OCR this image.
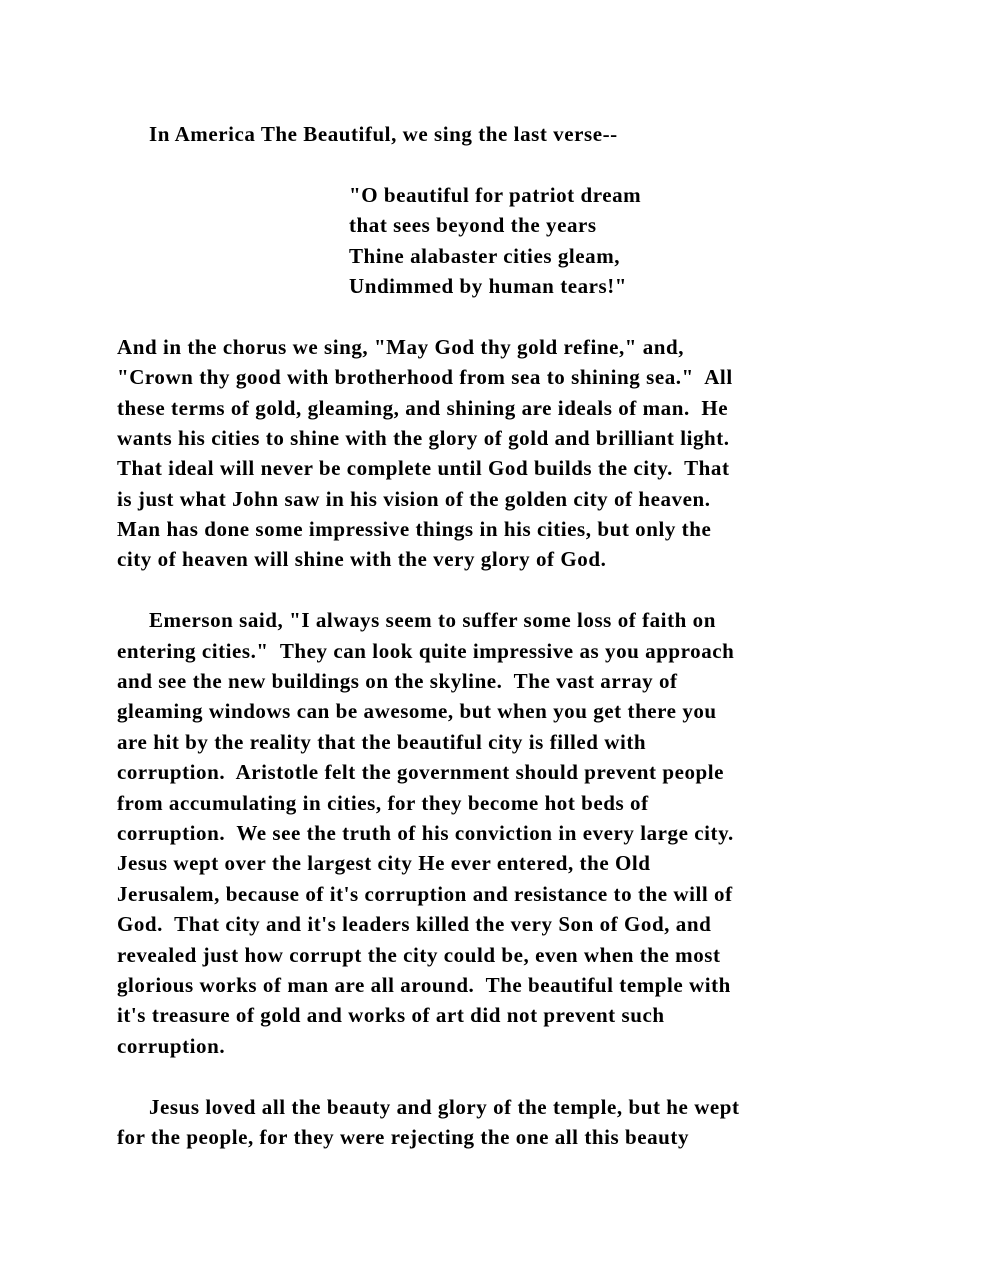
In America The Beautiful, we sing the last verse--
"O beautiful for patriot dream
that sees beyond the years
Thine alabaster cities gleam,
Undimmed by human tears!"
And in the chorus we sing, "May God thy gold refine," and,
"Crown thy good with brotherhood from sea to shining sea."  All
these terms of gold, gleaming, and shining are ideals of man.  He
wants his cities to shine with the glory of gold and brilliant light.
That ideal will never be complete until God builds the city.  That
is just what John saw in his vision of the golden city of heaven.
Man has done some impressive things in his cities, but only the
city of heaven will shine with the very glory of God.
Emerson said, "I always seem to suffer some loss of faith on
entering cities."  They can look quite impressive as you approach
and see the new buildings on the skyline.  The vast array of
gleaming windows can be awesome, but when you get there you
are hit by the reality that the beautiful city is filled with
corruption.  Aristotle felt the government should prevent people
from accumulating in cities, for they become hot beds of
corruption.  We see the truth of his conviction in every large city.
Jesus wept over the largest city He ever entered, the Old
Jerusalem, because of it's corruption and resistance to the will of
God.  That city and it's leaders killed the very Son of God, and
revealed just how corrupt the city could be, even when the most
glorious works of man are all around.  The beautiful temple with
it's treasure of gold and works of art did not prevent such
corruption.
Jesus loved all the beauty and glory of the temple, but he wept
for the people, for they were rejecting the one all this beauty
